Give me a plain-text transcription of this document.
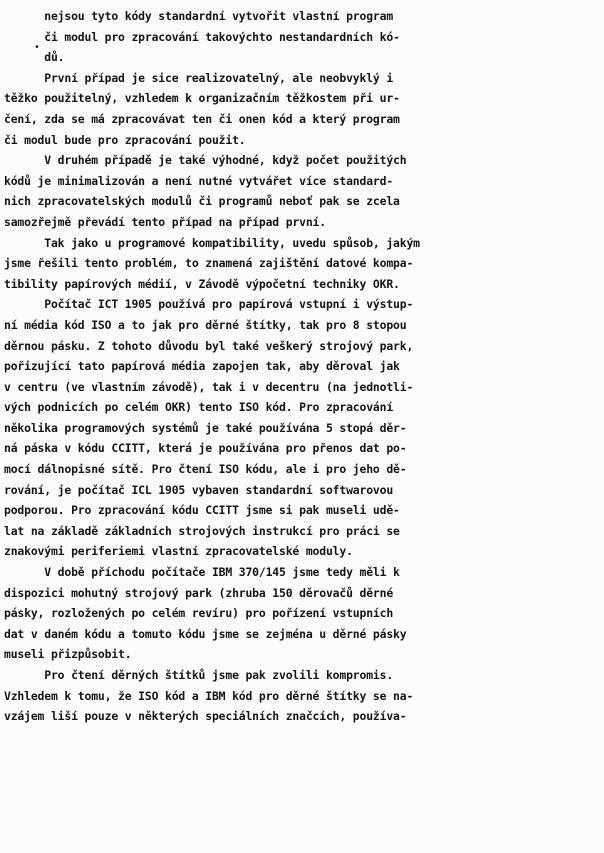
•
nejsou tyto kódy standardní vytvořit vlastní program
či modul pro zpracování takovýchto nestandardních kó-
dů.
První případ je sice realizovatelný, ale neobvyklý i
těžko použitelný, vzhledem k organizačním těžkostem při ur-
čení, zda se má zpracovávat ten či onen kód a který program
či modul bude pro zpracování použit.
V druhém případě je také výhodné, když počet použitých
kódů je minimalizován a není nutné vytvářet více standard-
nich zpracovatelských modulů či programů neboť pak se zcela
samozřejmě převádí tento případ na případ první.
Tak jako u programové kompatibility, uvedu spůsob, jakým
jsme řešili tento problém, to znamená zajištění datové kompa-
tibility papírových médií, v Závodě výpočetní techniky OKR.
Počítač ICT 1905 používá pro papírová vstupní i výstup-
ní média kód ISO a to jak pro děrné štítky, tak pro 8 stopou
děrnou pásku. Z tohoto důvodu byl také veškerý strojový park,
pořizující tato papírová média zapojen tak, aby děroval jak
v centru (ve vlastním závodě), tak i v decentru (na jednotli-
vých podnicích po celém OKR) tento ISO kód. Pro zpracování
několika programových systémů je také používána 5 stopá děr-
ná páska v kódu CCITT, která je používána pro přenos dat po-
mocí dálnopisné sítě. Pro čtení ISO kódu, ale i pro jeho dě-
rování, je počítač ICL 1905 vybaven standardní softwarovou
podporou. Pro zpracování kódu CCITT jsme si pak museli udě-
lat na základě základních strojových instrukcí pro práci se
znakovými periferiemi vlastní zpracovatelské moduly.
V době příchodu počítače IBM 370/145 jsme tedy měli k
dispozici mohutný strojový park (zhruba 150 děrovačů děrné
pásky, rozložených po celém revíru) pro pořízení vstupních
dat v daném kódu a tomuto kódu jsme se zejména u děrné pásky
museli přizpůsobit.
Pro čtení děrných štítků jsme pak zvolili kompromis.
Vzhledem k tomu, že ISO kód a IBM kód pro děrné štítky se na-
vzájem liší pouze v některých speciálních značcích, používa-
